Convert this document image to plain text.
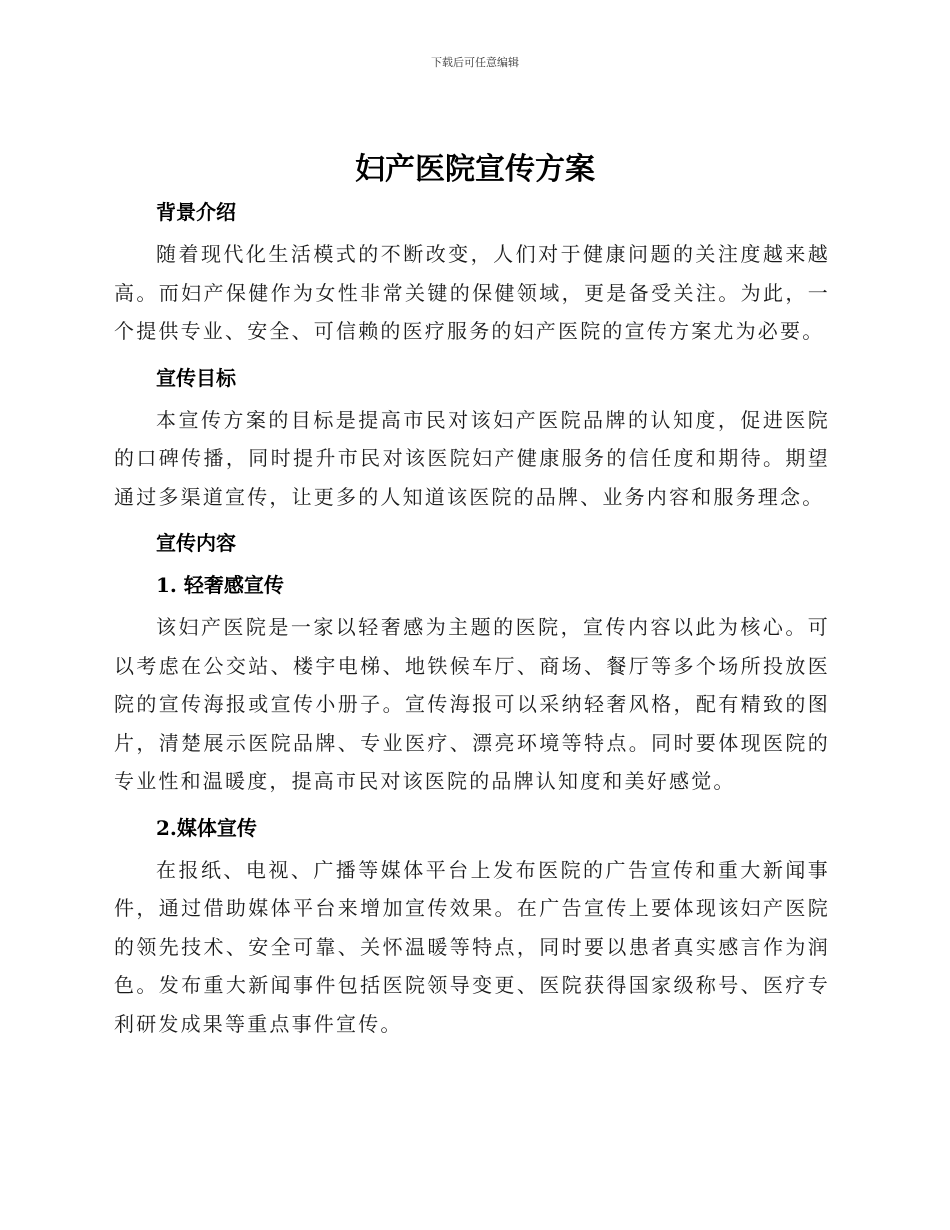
下载后可任意编辑
妇产医院宣传方案
背景介绍

随着现代化生活模式的不断改变，人们对于健康问题的关注度越来越高。而妇产保健作为女性非常关键的保健领域，更是备受关注。为此，一个提供专业、安全、可信赖的医疗服务的妇产医院的宣传方案尤为必要。

宣传目标

本宣传方案的目标是提高市民对该妇产医院品牌的认知度，促进医院的口碑传播，同时提升市民对该医院妇产健康服务的信任度和期待。期望通过多渠道宣传，让更多的人知道该医院的品牌、业务内容和服务理念。

宣传内容
1. 轻奢感宣传

该妇产医院是一家以轻奢感为主题的医院，宣传内容以此为核心。可以考虑在公交站、楼宇电梯、地铁候车厅、商场、餐厅等多个场所投放医院的宣传海报或宣传小册子。宣传海报可以采纳轻奢风格，配有精致的图片，清楚展示医院品牌、专业医疗、漂亮环境等特点。同时要体现医院的专业性和温暖度，提高市民对该医院的品牌认知度和美好感觉。

2.媒体宣传

在报纸、电视、广播等媒体平台上发布医院的广告宣传和重大新闻事件，通过借助媒体平台来增加宣传效果。在广告宣传上要体现该妇产医院的领先技术、安全可靠、关怀温暖等特点，同时要以患者真实感言作为润色。发布重大新闻事件包括医院领导变更、医院获得国家级称号、医疗专利研发成果等重点事件宣传。
